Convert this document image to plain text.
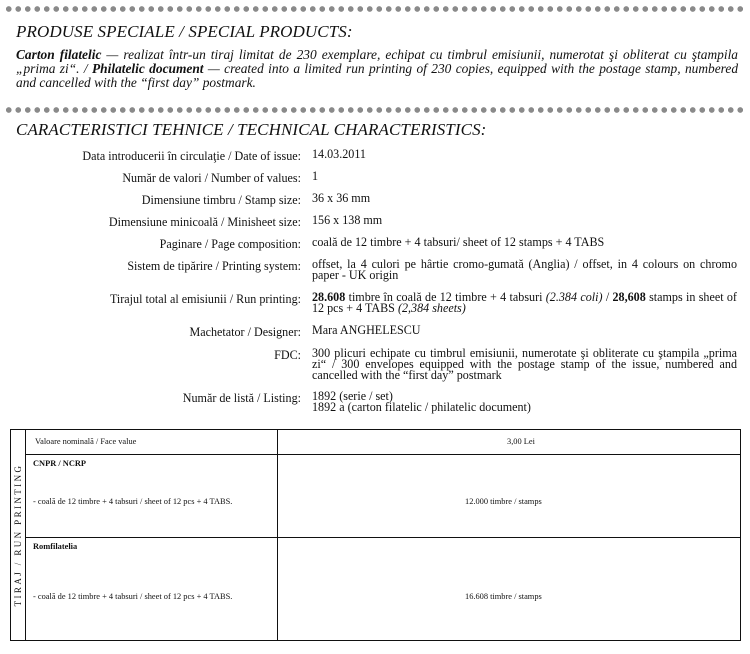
PRODUSE SPECIALE / SPECIAL PRODUCTS:
Carton filatelic — realizat într-un tiraj limitat de 230 exemplare, echipat cu timbrul emisiunii, numerotat şi obliterat cu ştampila „prima zi“. / Philatelic document — created into a limited run printing of 230 copies, equipped with the postage stamp, numbered and cancelled with the “first day” postmark.
CARACTERISTICI TEHNICE / TECHNICAL CHARACTERISTICS:
Data introducerii în circulaţie / Date of issue: 14.03.2011
Număr de valori / Number of values: 1
Dimensiune timbru / Stamp size: 36 x 36 mm
Dimensiune minicoală / Minisheet size: 156 x 138 mm
Paginare / Page composition: coală de 12 timbre + 4 tabsuri/ sheet of 12 stamps + 4 TABS
Sistem de tipărire / Printing system: offset, la 4 culori pe hârtie cromo-gumată (Anglia) / offset, in 4 colours on chromo paper - UK origin
Tirajul total al emisiunii / Run printing: 28.608 timbre în coală de 12 timbre + 4 tabsuri (2.384 coli) / 28,608 stamps in sheet of 12 pcs + 4 TABS (2,384 sheets)
Machetator / Designer: Mara ANGHELESCU
FDC: 300 plicuri echipate cu timbrul emisiunii, numerotate şi obliterate cu ştampila „prima zi“ / 300 envelopes equipped with the postage stamp of the issue, numbered and cancelled with the “first day” postmark
Număr de listă / Listing: 1892 (serie / set)
1892 a (carton filatelic / philatelic document)
TIRAJ / RUN PRINTING
Valoare nominală / Face value	3,00 Lei
CNPR / NCRP
- coală de 12 timbre + 4 tabsuri / sheet of 12 pcs + 4 TABS.	12.000 timbre / stamps
Romfilatelia
- coală de 12 timbre + 4 tabsuri / sheet of 12 pcs + 4 TABS.	16.608 timbre / stamps
